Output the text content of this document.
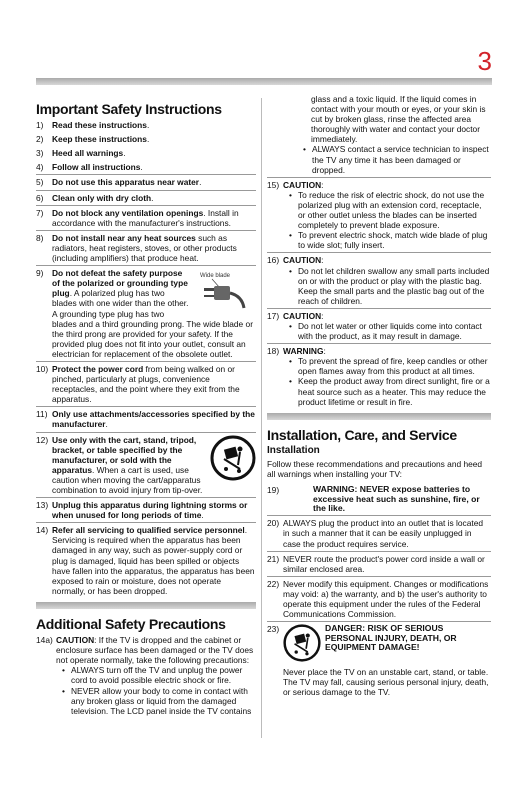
3
Important Safety Instructions
1)	Read these instructions.
2)	Keep these instructions.
3)	Heed all warnings.
4)	Follow all instructions.
5)	Do not use this apparatus near water.
6)	Clean only with dry cloth.
7)	Do not block any ventilation openings. Install in accordance with the manufacturer's instructions.
8)	Do not install near any heat sources such as radiators, heat registers, stoves, or other products (including amplifiers) that produce heat.
9)	Wide blade
Do not defeat the safety purpose of the polarized or grounding type plug. A polarized plug has two blades with one wider than the other. A grounding type plug has two blades and a third grounding prong. The wide blade or the third prong are provided for your safety. If the provided plug does not fit into your outlet, consult an electrician for replacement of the obsolete outlet.
10) Protect the power cord from being walked on or pinched, particularly at plugs, convenience receptacles, and the point where they exit from the apparatus.
11) Only use attachments/accessories specified by the manufacturer.
12) Use only with the cart, stand, tripod, bracket, or table specified by the manufacturer, or sold with the apparatus. When a cart is used, use caution when moving the cart/apparatus combination to avoid injury from tip-over.
13) Unplug this apparatus during lightning storms or when unused for long periods of time.
14) Refer all servicing to qualified service personnel. Servicing is required when the apparatus has been damaged in any way, such as power-supply cord or plug is damaged, liquid has been spilled or objects have fallen into the apparatus, the apparatus has been exposed to rain or moisture, does not operate normally, or has been dropped.
Additional Safety Precautions
14a) CAUTION: If the TV is dropped and the cabinet or enclosure surface has been damaged or the TV does not operate normally, take the following precautions:
• ALWAYS turn off the TV and unplug the power cord to avoid possible electric shock or fire.
• NEVER allow your body to come in contact with any broken glass or liquid from the damaged television. The LCD panel inside the TV contains
glass and a toxic liquid. If the liquid comes in contact with your mouth or eyes, or your skin is cut by broken glass, rinse the affected area thoroughly with water and contact your doctor immediately.
• ALWAYS contact a service technician to inspect the TV any time it has been damaged or dropped.
15) CAUTION:
• To reduce the risk of electric shock, do not use the polarized plug with an extension cord, receptacle, or other outlet unless the blades can be inserted completely to prevent blade exposure.
• To prevent electric shock, match wide blade of plug to wide slot; fully insert.
16) CAUTION:
• Do not let children swallow any small parts included on or with the product or play with the plastic bag. Keep the small parts and the plastic bag out of the reach of children.
17) CAUTION:
• Do not let water or other liquids come into contact with the product, as it may result in damage.
18) WARNING:
• To prevent the spread of fire, keep candles or other open flames away from this product at all times.
• Keep the product away from direct sunlight, fire or a heat source such as a heater. This may reduce the product lifetime or result in fire.
Installation, Care, and Service
Installation
Follow these recommendations and precautions and heed all warnings when installing your TV:
19)	WARNING: NEVER expose batteries to excessive heat such as sunshine, fire, or the like.
20) ALWAYS plug the product into an outlet that is located in such a manner that it can be easily unplugged in case the product requires service.
21) NEVER route the product's power cord inside a wall or similar enclosed area.
22) Never modify this equipment. Changes or modifications may void: a) the warranty, and b) the user's authority to operate this equipment under the rules of the Federal Communications Commission.
23)	DANGER: RISK OF SERIOUS PERSONAL INJURY, DEATH, OR EQUIPMENT DAMAGE!
Never place the TV on an unstable cart, stand, or table. The TV may fall, causing serious personal injury, death, or serious damage to the TV.
